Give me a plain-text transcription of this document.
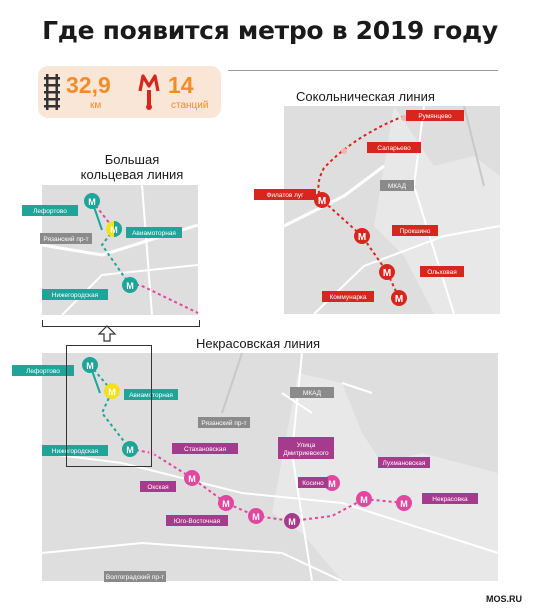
Где появится метро в 2019 году
32,9
км
14
станций
Сокольническая линия
Большая
кольцевая линия
Некрасовская линия
M
M
M
M
Румянцево
Саларьево
Филатов луг
МКАД
Прокшино
Ольховая
Коммунарка
M
M
M
Лефортово
Рязанский пр-т
Авиамоторная
Нижегородская
M
M
M
M
M
M	M
M
M	M
Лефортово
Авиамоторная	МКАД
Рязанский пр-т
Нижегородская	Стахановская
Улица
Дмитриевского
Лухмановская
Окская
Косино
Некрасовка
Юго-Восточная
Волгоградский пр-т
MOS.RU
